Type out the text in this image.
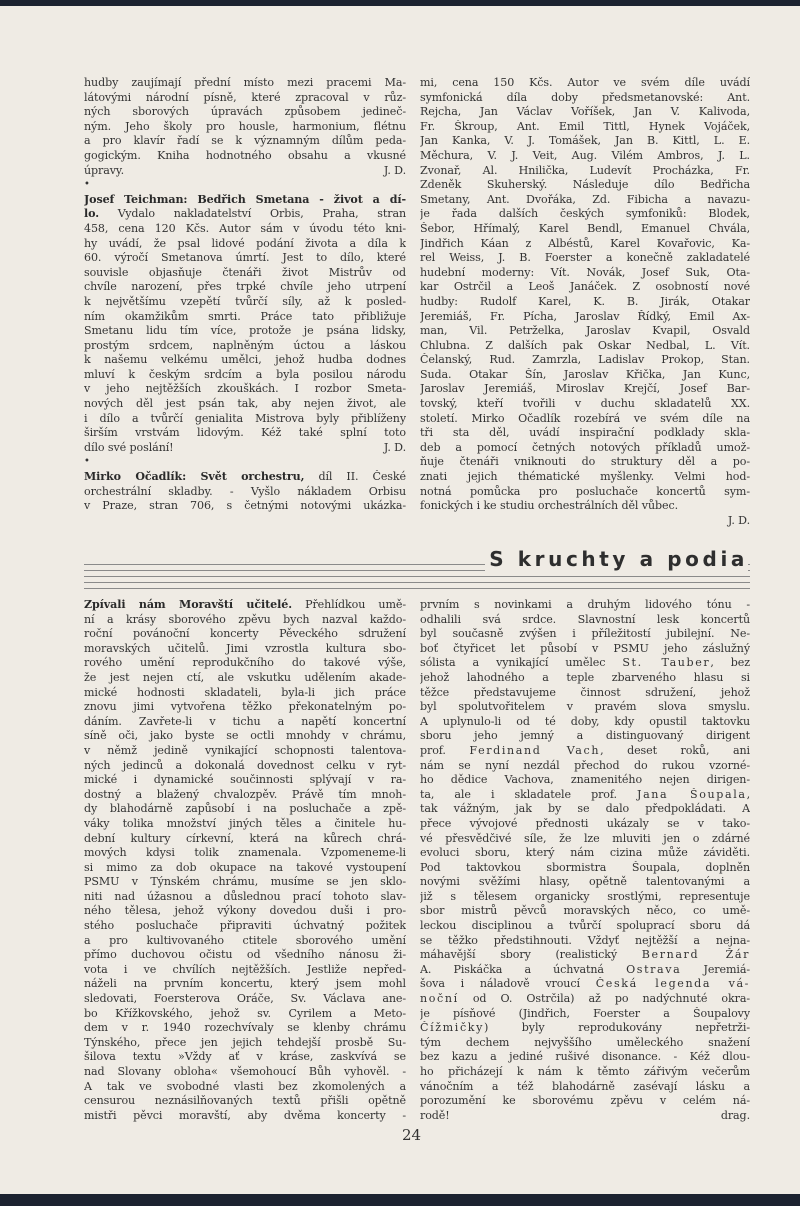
hudby zaujímají přední místo mezi pracemi Ma-
látovými národní písně, které zpracoval v růz-
ných sborových úpravách způsobem jedineč-
ným. Jeho školy pro housle, harmonium, flétnu
a pro klavír řadí se k významným dílům peda-
gogickým. Kniha hodnotného obsahu a vkusné
úpravy.	J. D.
•
Josef Teichman: Bedřich Smetana - život a dí-
lo. Vydalo nakladatelství Orbis, Praha, stran
458, cena 120 Kčs. Autor sám v úvodu této kni-
hy uvádí, že psal lidové podání života a díla k
60. výročí Smetanova úmrtí. Jest to dílo, které
souvisle objasňuje čtenáři život Mistrův od
chvíle narození, přes trpké chvíle jeho utrpení
k největšímu vzepětí tvůrčí síly, až k posled-
ním okamžikům smrti. Práce tato přibližuje
Smetanu lidu tím více, protože je psána lidsky,
prostým srdcem, naplněným úctou a láskou
k našemu velkému umělci, jehož hudba dodnes
mluví k českým srdcím a byla posilou národu
v jeho nejtěžších zkouškách. I rozbor Smeta-
nových děl jest psán tak, aby nejen život, ale
i dílo a tvůrčí genialita Mistrova byly přiblíženy
širším vrstvám lidovým. Kéž také splní toto
dílo své poslání!	J. D.
•
Mirko Očadlík: Svět orchestru, díl II. České
orchestrální skladby. - Vyšlo nákladem Orbisu
v Praze, stran 706, s četnými notovými ukázka-
mi, cena 150 Kčs. Autor ve svém díle uvádí
symfonická díla doby předsmetanovské: Ant.
Rejcha, Jan Václav Voříšek, Jan V. Kalivoda,
Fr. Škroup, Ant. Emil Tittl, Hynek Vojáček,
Jan Kanka, V. J. Tomášek, Jan B. Kittl, L. E.
Měchura, V. J. Veit, Aug. Vilém Ambros, J. L.
Zvonař, Al. Hnilička, Ludevít Procházka, Fr.
Zdeněk Skuherský. Následuje dílo Bedřicha
Smetany, Ant. Dvořáka, Zd. Fibicha a navazu-
je řada dalších českých symfoniků: Blodek,
Šebor, Hřímalý, Karel Bendl, Emanuel Chvála,
Jindřich Káan z Albéstů, Karel Kovařovic, Ka-
rel Weiss, J. B. Foerster a konečně zakladatelé
hudební moderny: Vít. Novák, Josef Suk, Ota-
kar Ostrčil a Leoš Janáček. Z osobností nové
hudby: Rudolf Karel, K. B. Jirák, Otakar
Jeremiáš, Fr. Pícha, Jaroslav Řídký, Emil Ax-
man, Vil. Petrželka, Jaroslav Kvapil, Osvald
Chlubna. Z dalších pak Oskar Nedbal, L. Vít.
Čelanský, Rud. Zamrzla, Ladislav Prokop, Stan.
Suda. Otakar Šín, Jaroslav Křička, Jan Kunc,
Jaroslav Jeremiáš, Miroslav Krejčí, Josef Bar-
tovský, kteří tvořili v duchu skladatelů XX.
století. Mirko Očadlík rozebírá ve svém díle na
tři sta děl, uvádí inspirační podklady skla-
deb a pomocí četných notových příkladů umož-
ňuje čtenáři vniknouti do struktury děl a po-
znati jejich thématické myšlenky. Velmi hod-
notná pomůcka pro posluchače koncertů sym-
fonických i ke studiu orchestrálních děl vůbec.
J. D.
S kruchty a podia
Zpívali nám Moravští učitelé. Přehlídkou umě-
ní a krásy sborového zpěvu bych nazval každo-
roční povánoční koncerty Pěveckého sdružení
moravských učitelů. Jimi vzrostla kultura sbo-
rového umění reprodukčního do takové výše,
že jest nejen ctí, ale vskutku udělením akade-
mické hodnosti skladateli, byla-li jich práce
znovu jimi vytvořena těžko překonatelným po-
dáním. Zavřete-li v tichu a napětí koncertní
síně oči, jako byste se octli mnohdy v chrámu,
v němž jedině vynikající schopnosti talentova-
ných jedinců a dokonalá dovednost celku v ryt-
mické i dynamické součinnosti splývají v ra-
dostný a blažený chvalozpěv. Právě tím mnoh-
dy blahodárně zapůsobí i na posluchače a zpě-
váky tolika množství jiných těles a činitele hu-
dební kultury církevní, která na kůrech chrá-
mových kdysi tolik znamenala. Vzpomeneme-li
si mimo za dob okupace na takové vystoupení
PSMU v Týnském chrámu, musíme se jen sklo-
niti nad úžasnou a důslednou prací tohoto slav-
ného tělesa, jehož výkony dovedou duši i pro-
stého posluchače připraviti úchvatný požitek
a pro kultivovaného ctitele sborového umění
přímo duchovou očistu od všedního nánosu ži-
vota i ve chvílích nejtěžších. Jestliže nepřed-
náželi na prvním koncertu, který jsem mohl
sledovati, Foersterova Oráče, Sv. Václava ane-
bo Křížkovského, jehož sv. Cyrilem a Meto-
dem v r. 1940 rozechvívaly se klenby chrámu
Týnského, přece jen jejich tehdejší prosbě Su-
šilova textu »Vždy ať v kráse, zaskvívá se
nad Slovany obloha« všemohoucí Bůh vyhověl. -
A tak ve svobodné vlasti bez zkomolených a
censurou neznásilňovaných textů přišli opětně
mistři pěvci moravští, aby dvěma koncerty -
prvním s novinkami a druhým lidového tónu -
odhalili svá srdce. Slavnostní lesk koncertů
byl současně zvýšen i příležitostí jubilejní. Ne-
boť čtyřicet let působí v PSMU jeho záslužný
sólista a vynikající umělec St. Tauber, bez
jehož lahodného a teple zbarveného hlasu si
těžce představujeme činnost sdružení, jehož
byl spolutvořitelem v pravém slova smyslu.
A uplynulo-li od té doby, kdy opustil taktovku
sboru jeho jemný a distinguovaný dirigent
prof. Ferdinand Vach, deset roků, ani
nám se nyní nezdál přechod do rukou vzorné-
ho dědice Vachova, znamenitého nejen dirigen-
ta, ale i skladatele prof. Jana Šoupala,
tak vážným, jak by se dalo předpokládati. A
přece vývojové přednosti ukázaly se v tako-
vé přesvědčivé síle, že lze mluviti jen o zdárné
evoluci sboru, který nám cizina může záviděti.
Pod taktovkou sbormistra Šoupala, doplněn
novými svěžími hlasy, opětně talentovanými a
již s tělesem organicky srostlými, representuje
sbor mistrů pěvců moravských něco, co umě-
leckou disciplinou a tvůrčí spoluprací sboru dá
se těžko předstihnouti. Vždyť nejtěžší a nejna-
máhavější sbory (realistický Bernard Žár
A. Piskáčka a úchvatná Ostrava Jeremiá-
šova i náladově vroucí Česká legenda vá-
noční od O. Ostrčila) až po nadýchnuté okra-
je písňové (Jindřich, Foerster a Šoupalovy
Čížmičky) byly reprodukovány nepřetrži-
tým dechem nejvyššího uměleckého snažení
bez kazu a jediné rušivé disonance. - Kéž dlou-
ho přicházejí k nám k těmto zářivým večerům
vánočním a též blahodárně zasévají lásku a
porozumění ke sborovému zpěvu v celém ná-
rodě!	drag.
24
